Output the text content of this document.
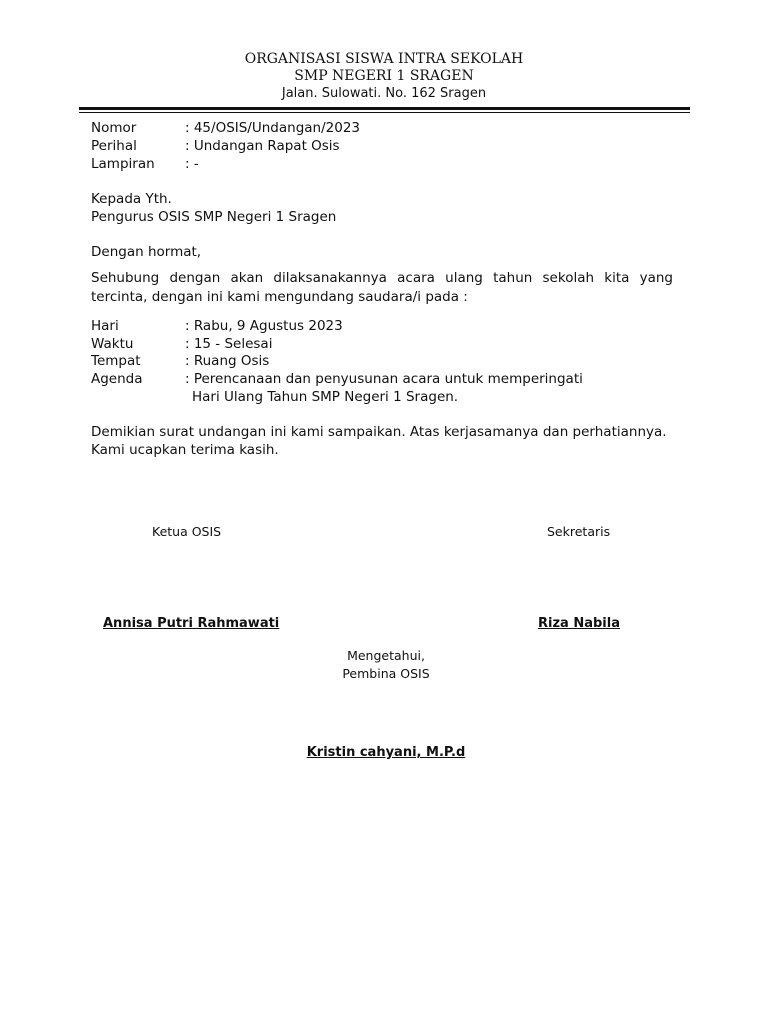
ORGANISASI SISWA INTRA SEKOLAH
SMP NEGERI 1 SRAGEN
Jalan. Sulowati. No. 162 Sragen
Nomor	: 45/OSIS/Undangan/2023
Perihal	: Undangan Rapat Osis
Lampiran : -
Kepada Yth.
Pengurus OSIS SMP Negeri 1 Sragen
Dengan hormat,
Sehubung dengan akan dilaksanakannya acara ulang tahun sekolah kita yang tercinta, dengan ini kami mengundang saudara/i pada :
Hari	: Rabu, 9 Agustus 2023
Waktu	: 15 - Selesai
Tempat	: Ruang Osis
Agenda	: Perencanaan dan penyusunan acara untuk memperingati
Hari Ulang Tahun SMP Negeri 1 Sragen.
Demikian surat undangan ini kami sampaikan. Atas kerjasamanya dan perhatiannya.
Kami ucapkan terima kasih.
Ketua OSIS	Sekretaris
Annisa Putri Rahmawati	Riza Nabila
Mengetahui,
Pembina OSIS
Kristin cahyani, M.P.d
